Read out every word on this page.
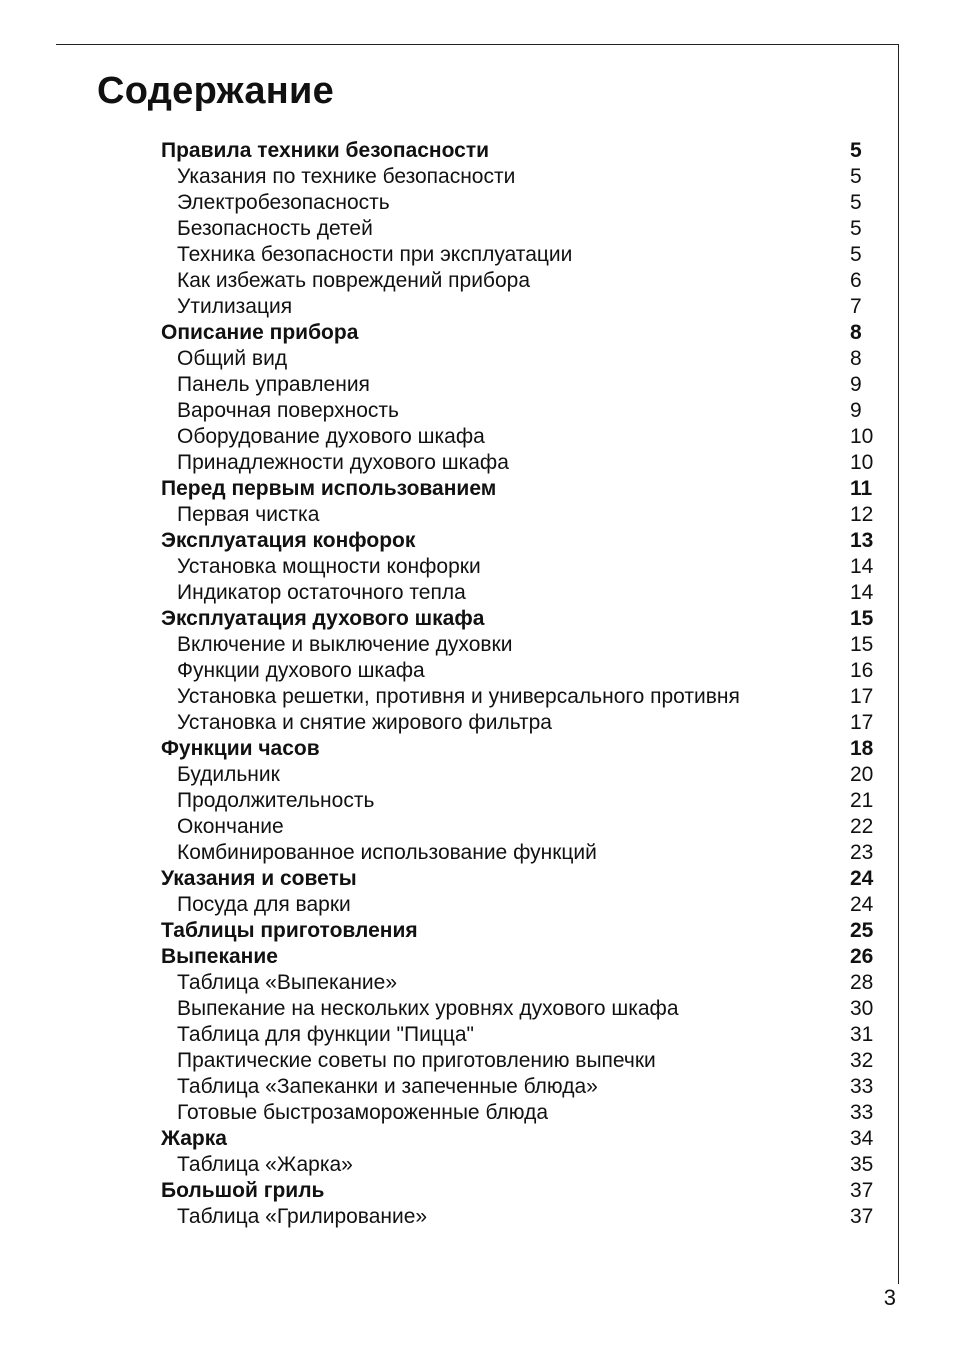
Содержание
Правила техники безопасности	5
Указания по технике безопасности	5
Электробезопасность	5
Безопасность детей	5
Техника безопасности при эксплуатации	5
Как избежать повреждений прибора	6
Утилизация	7
Описание прибора	8
Общий вид	8
Панель управления	9
Варочная поверхность	9
Оборудование духового шкафа	10
Принадлежности духового шкафа	10
Перед первым использованием	11
Первая чистка	12
Эксплуатация конфорок	13
Установка мощности конфорки	14
Индикатор остаточного тепла	14
Эксплуатация духового шкафа	15
Включение и выключение духовки	15
Функции духового шкафа	16
Установка решетки, противня и универсального противня	17
Установка и снятие жирового фильтра	17
Функции часов	18
Будильник	20
Продолжительность	21
Окончание	22
Комбинированное использование функций	23
Указания и советы	24
Посуда для варки	24
Таблицы приготовления	25
Выпекание	26
Таблица «Выпекание»	28
Выпекание на нескольких уровнях духового шкафа	30
Таблица для функции "Пицца"	31
Практические советы по приготовлению выпечки	32
Таблица «Запеканки и запеченные блюда»	33
Готовые быстрозамороженные блюда	33
Жарка	34
Таблица «Жарка»	35
Большой гриль	37
Таблица «Грилирование»	37
3
